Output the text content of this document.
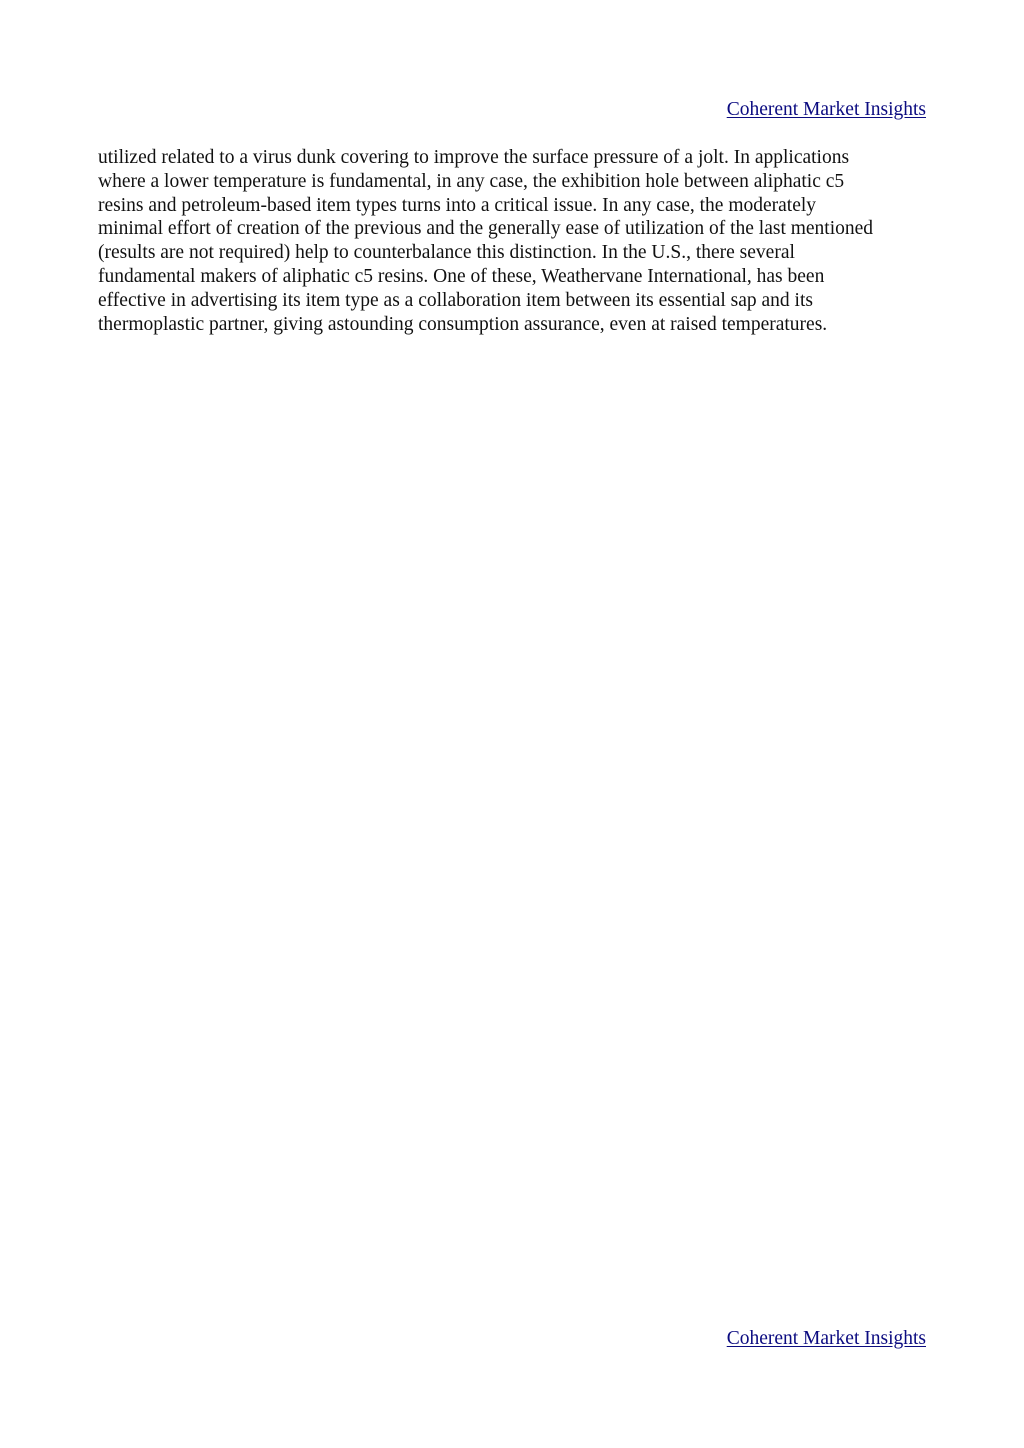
Coherent Market Insights

utilized related to a virus dunk covering to improve the surface pressure of a jolt. In applications
where a lower temperature is fundamental, in any case, the exhibition hole between aliphatic c5
resins and petroleum-based item types turns into a critical issue. In any case, the moderately
minimal effort of creation of the previous and the generally ease of utilization of the last mentioned
(results are not required) help to counterbalance this distinction. In the U.S., there several
fundamental makers of aliphatic c5 resins. One of these, Weathervane International, has been
effective in advertising its item type as a collaboration item between its essential sap and its
thermoplastic partner, giving astounding consumption assurance, even at raised temperatures.

Coherent Market Insights
